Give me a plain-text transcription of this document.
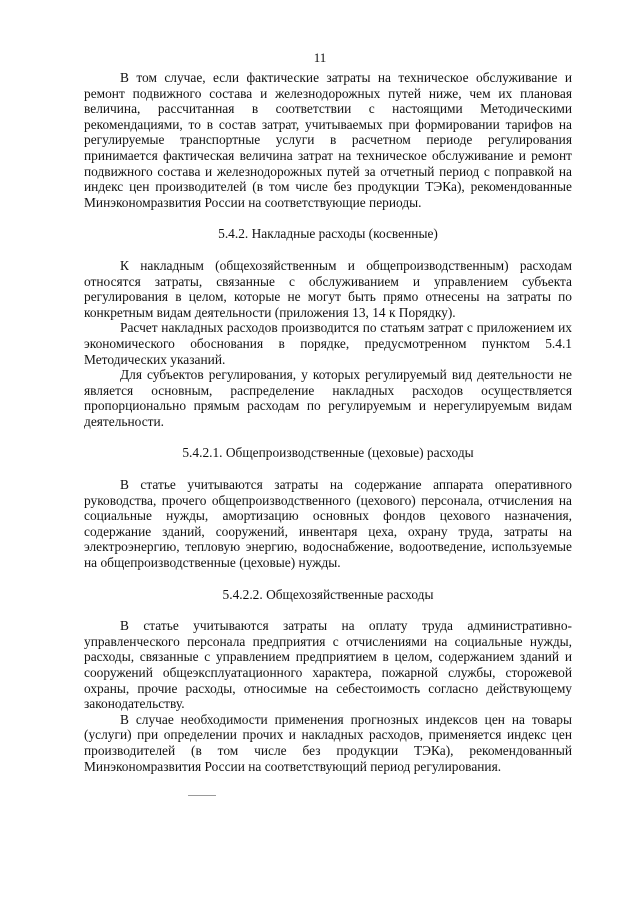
11

В том случае, если фактические затраты на техническое обслуживание и ремонт подвижного состава и железнодорожных путей ниже, чем их плановая величина, рассчитанная в соответствии с настоящими Методическими рекомендациями, то в состав затрат, учитываемых при формировании тарифов на регулируемые транспортные услуги в расчетном периоде регулирования принимается фактическая величина затрат на техническое обслуживание и ремонт подвижного состава и железнодорожных путей за отчетный период с поправкой на индекс цен производителей (в том числе без продукции ТЭКа), рекомендованные Минэкономразвития России на соответствующие периоды.

5.4.2. Накладные расходы (косвенные)

К накладным (общехозяйственным и общепроизводственным) расходам относятся затраты, связанные с обслуживанием и управлением субъекта регулирования в целом, которые не могут быть прямо отнесены на затраты по конкретным видам деятельности (приложения 13, 14 к Порядку).

Расчет накладных расходов производится по статьям затрат с приложением их экономического обоснования в порядке, предусмотренном пунктом 5.4.1 Методических указаний.

Для субъектов регулирования, у которых регулируемый вид деятельности не является основным, распределение накладных расходов осуществляется пропорционально прямым расходам по регулируемым и нерегулируемым видам деятельности.

5.4.2.1. Общепроизводственные (цеховые) расходы

В статье учитываются затраты на содержание аппарата оперативного руководства, прочего общепроизводственного (цехового) персонала, отчисления на социальные нужды, амортизацию основных фондов цехового назначения, содержание зданий, сооружений, инвентаря цеха, охрану труда, затраты на электроэнергию, тепловую энергию, водоснабжение, водоотведение, используемые на общепроизводственные (цеховые) нужды.

5.4.2.2. Общехозяйственные расходы

В статье учитываются затраты на оплату труда административно-управленческого персонала предприятия с отчислениями на социальные нужды, расходы, связанные с управлением предприятием в целом, содержанием зданий и сооружений общеэксплуатационного характера, пожарной службы, сторожевой охраны, прочие расходы, относимые на себестоимость согласно действующему законодательству.

В случае необходимости применения прогнозных индексов цен на товары (услуги) при определении прочих и накладных расходов, применяется индекс цен производителей (в том числе без продукции ТЭКа), рекомендованный Минэкономразвития России на соответствующий период регулирования.
